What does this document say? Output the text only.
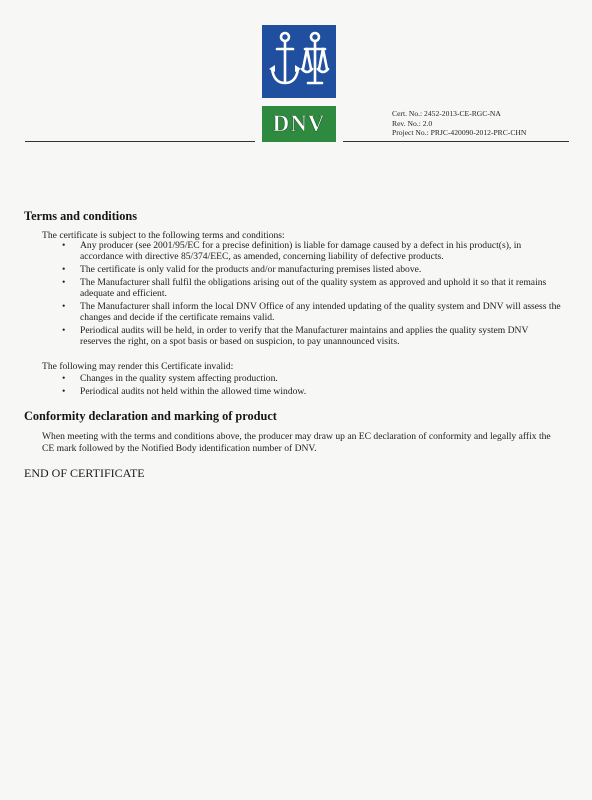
DNV	Cert. No.: 2452-2013-CE-RGC-NA
Rev. No.: 2.0
Project No.: PRJC-420090-2012-PRC-CHN
Terms and conditions
The certificate is subject to the following terms and conditions:
• Any producer (see 2001/95/EC for a precise definition) is liable for damage caused by a defect in his product(s), in accordance with directive 85/374/EEC, as amended, concerning liability of defective products.
• The certificate is only valid for the products and/or manufacturing premises listed above.
• The Manufacturer shall fulfil the obligations arising out of the quality system as approved and uphold it so that it remains adequate and efficient.
• The Manufacturer shall inform the local DNV Office of any intended updating of the quality system and DNV will assess the changes and decide if the certificate remains valid.
• Periodical audits will be held, in order to verify that the Manufacturer maintains and applies the quality system DNV reserves the right, on a spot basis or based on suspicion, to pay unannounced visits.
The following may render this Certificate invalid:
• Changes in the quality system affecting production.
• Periodical audits not held within the allowed time window.
Conformity declaration and marking of product
When meeting with the terms and conditions above, the producer may draw up an EC declaration of conformity and legally affix the CE mark followed by the Notified Body identification number of DNV.
END OF CERTIFICATE
